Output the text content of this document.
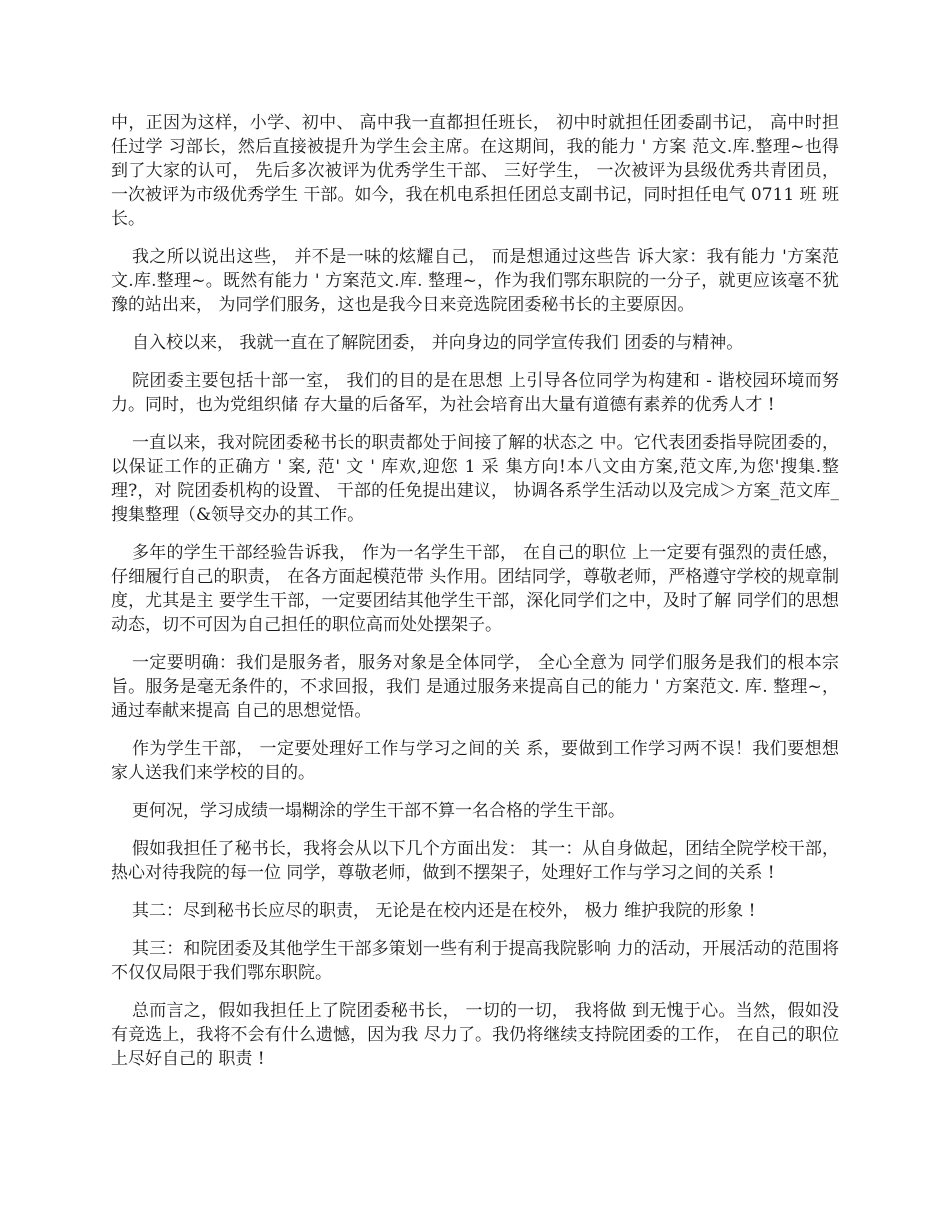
中，正因为这样，小学、初中、 高中我一直都担任班长， 初中时就担任团委副书记， 高中时担任过学 习部长，然后直接被提升为学生会主席。在这期间，我的能力 ' 方案 范文.库.整理~也得到了大家的认可， 先后多次被评为优秀学生干部、 三好学生， 一次被评为县级优秀共青团员， 一次被评为市级优秀学生 干部。如今，我在机电系担任团总支副书记，同时担任电气 0711 班 班长。

我之所以说出这些， 并不是一味的炫耀自己， 而是想通过这些告 诉大家：我有能力 '方案范文.库.整理~。既然有能力 ' 方案范文.库. 整理~，作为我们鄂东职院的一分子，就更应该毫不犹豫的站出来， 为同学们服务，这也是我今日来竞选院团委秘书长的主要原因。

自入校以来， 我就一直在了解院团委， 并向身边的同学宣传我们 团委的与精神。

院团委主要包括十部一室， 我们的目的是在思想 上引导各位同学为构建和 - 谐校园环境而努力。同时，也为党组织储 存大量的后备军，为社会培育出大量有道德有素养的优秀人才 !

一直以来，我对院团委秘书长的职责都处于间接了解的状态之 中。它代表团委指导院团委的， 以保证工作的正确方 ' 案, 范' 文 ' 库欢,迎您 1 采 集方向!本八文由方案,范文库,为您'搜集.整理?，对 院团委机构的设置、 干部的任免提出建议， 协调各系学生活动以及完成＞方案_范文库_搜集整理（&领导交办的其工作。

多年的学生干部经验告诉我， 作为一名学生干部， 在自己的职位 上一定要有强烈的责任感， 仔细履行自己的职责， 在各方面起模范带 头作用。团结同学，尊敬老师，严格遵守学校的规章制度，尤其是主 要学生干部，一定要团结其他学生干部，深化同学们之中，及时了解 同学们的思想动态，切不可因为自己担任的职位高而处处摆架子。

一定要明确：我们是服务者，服务对象是全体同学， 全心全意为 同学们服务是我们的根本宗旨。服务是毫无条件的，不求回报，我们 是通过服务来提高自己的能力 ' 方案范文. 库. 整理~，通过奉献来提高 自己的思想觉悟。

作为学生干部， 一定要处理好工作与学习之间的关 系，要做到工作学习两不误！我们要想想家人送我们来学校的目的。

更何况，学习成绩一塌糊涂的学生干部不算一名合格的学生干部。

假如我担任了秘书长，我将会从以下几个方面出发： 其一：从自身做起，团结全院学校干部， 热心对待我院的每一位 同学，尊敬老师，做到不摆架子，处理好工作与学习之间的关系 !

其二：尽到秘书长应尽的职责， 无论是在校内还是在校外， 极力 维护我院的形象 !

其三：和院团委及其他学生干部多策划一些有利于提高我院影响 力的活动，开展活动的范围将不仅仅局限于我们鄂东职院。

总而言之，假如我担任上了院团委秘书长， 一切的一切， 我将做 到无愧于心。当然，假如没有竞选上，我将不会有什么遗憾，因为我 尽力了。我仍将继续支持院团委的工作， 在自己的职位上尽好自己的 职责 !
